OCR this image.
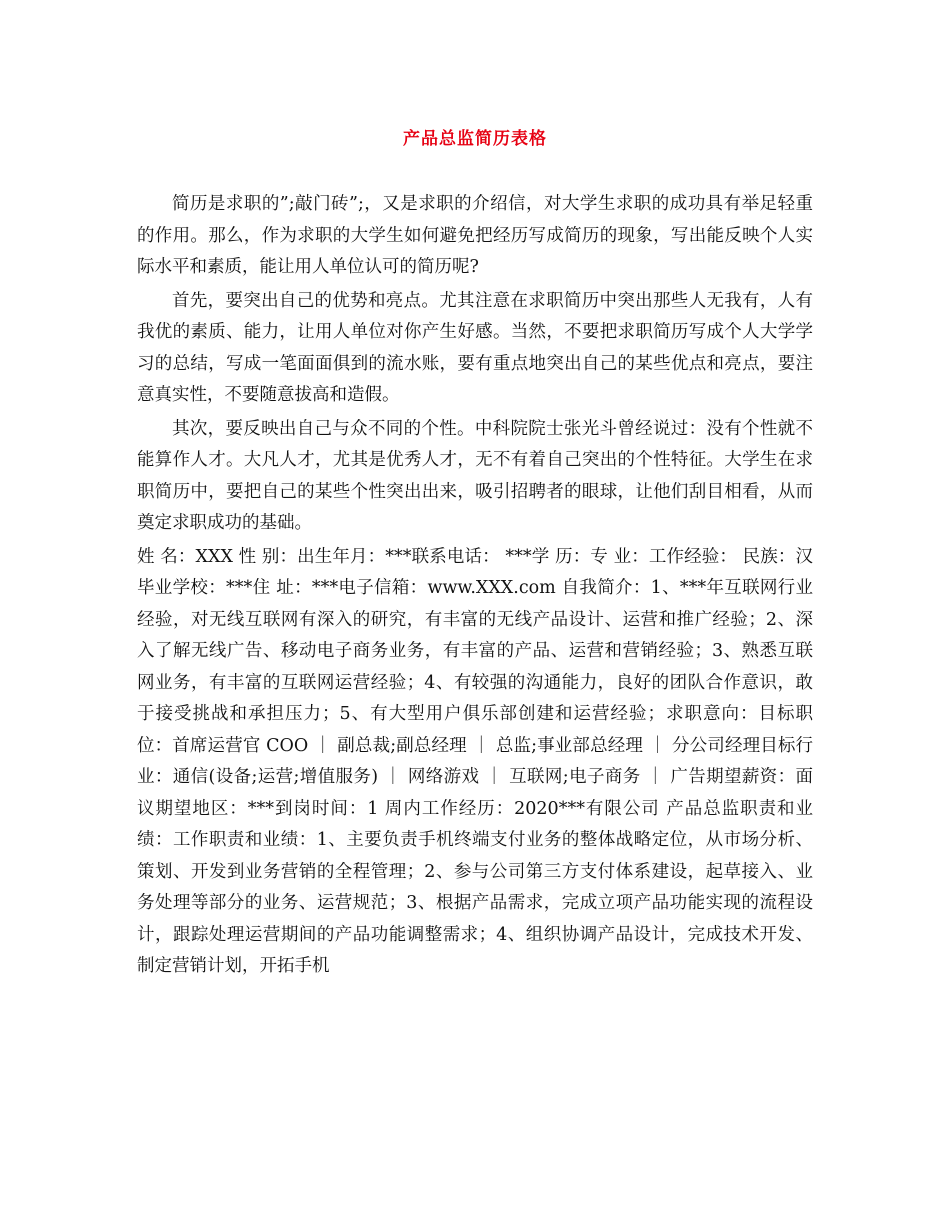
产品总监简历表格

简历是求职的”;敲门砖”;，又是求职的介绍信，对大学生求职的成功具有举足轻重的作用。那么，作为求职的大学生如何避免把经历写成简历的现象，写出能反映个人实际水平和素质，能让用人单位认可的简历呢?

首先，要突出自己的优势和亮点。尤其注意在求职简历中突出那些人无我有，人有我优的素质、能力，让用人单位对你产生好感。当然，不要把求职简历写成个人大学学习的总结，写成一笔面面俱到的流水账，要有重点地突出自己的某些优点和亮点，要注意真实性，不要随意拔高和造假。

其次，要反映出自己与众不同的个性。中科院院士张光斗曾经说过：没有个性就不能算作人才。大凡人才，尤其是优秀人才，无不有着自己突出的个性特征。大学生在求职简历中，要把自己的某些个性突出出来，吸引招聘者的眼球，让他们刮目相看，从而奠定求职成功的基础。

姓 名：XXX 性 别：出生年月：***联系电话： ***学 历：专 业：工作经验： 民族：汉毕业学校：***住 址：***电子信箱：www.XXX.com 自我简介：1、***年互联网行业经验，对无线互联网有深入的研究，有丰富的无线产品设计、运营和推广经验；2、深入了解无线广告、移动电子商务业务，有丰富的产品、运营和营销经验；3、熟悉互联网业务，有丰富的互联网运营经验；4、有较强的沟通能力，良好的团队合作意识，敢于接受挑战和承担压力；5、有大型用户俱乐部创建和运营经验；求职意向：目标职位：首席运营官 COO ｜ 副总裁;副总经理 ｜ 总监;事业部总经理 ｜ 分公司经理目标行业：通信(设备;运营;增值服务) ｜ 网络游戏 ｜ 互联网;电子商务 ｜ 广告期望薪资：面议期望地区：***到岗时间：1 周内工作经历：2020***有限公司 产品总监职责和业绩：工作职责和业绩：1、主要负责手机终端支付业务的整体战略定位，从市场分析、策划、开发到业务营销的全程管理；2、参与公司第三方支付体系建设，起草接入、业务处理等部分的业务、运营规范；3、根据产品需求，完成立项产品功能实现的流程设计，跟踪处理运营期间的产品功能调整需求；4、组织协调产品设计，完成技术开发、制定营销计划，开拓手机
